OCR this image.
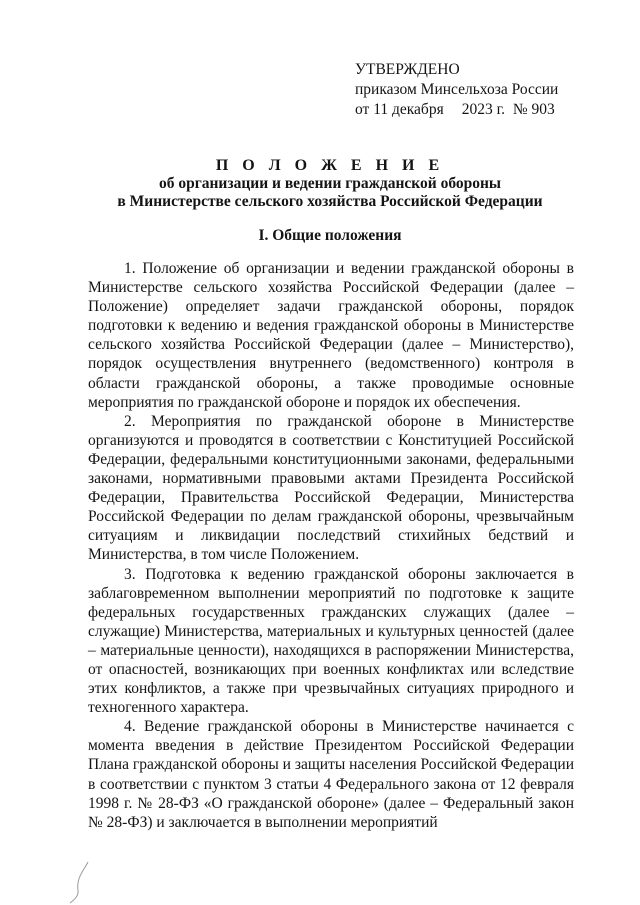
УТВЕРЖДЕНО
приказом Минсельхоза России
от 11 декабря 2023 г. № 903
П О Л О Ж Е Н И Е
об организации и ведении гражданской обороны
в Министерстве сельского хозяйства Российской Федерации
I. Общие положения

1. Положение об организации и ведении гражданской обороны в Министерстве сельского хозяйства Российской Федерации (далее – Положение) определяет задачи гражданской обороны, порядок подготовки к ведению и ведения гражданской обороны в Министерстве сельского хозяйства Российской Федерации (далее – Министерство), порядок осуществления внутреннего (ведомственного) контроля в области гражданской обороны, а также проводимые основные мероприятия по гражданской обороне и порядок их обеспечения.

2. Мероприятия по гражданской обороне в Министерстве организуются и проводятся в соответствии с Конституцией Российской Федерации, федеральными конституционными законами, федеральными законами, нормативными правовыми актами Президента Российской Федерации, Правительства Российской Федерации, Министерства Российской Федерации по делам гражданской обороны, чрезвычайным ситуациям и ликвидации последствий стихийных бедствий и Министерства, в том числе Положением.

3. Подготовка к ведению гражданской обороны заключается в заблаговременном выполнении мероприятий по подготовке к защите федеральных государственных гражданских служащих (далее – служащие) Министерства, материальных и культурных ценностей (далее – материальные ценности), находящихся в распоряжении Министерства, от опасностей, возникающих при военных конфликтах или вследствие этих конфликтов, а также при чрезвычайных ситуациях природного и техногенного характера.

4. Ведение гражданской обороны в Министерстве начинается с момента введения в действие Президентом Российской Федерации Плана гражданской обороны и защиты населения Российской Федерации в соответствии с пунктом 3 статьи 4 Федерального закона от 12 февраля 1998 г. № 28-ФЗ «О гражданской обороне» (далее – Федеральный закон № 28-ФЗ) и заключается в выполнении мероприятий
